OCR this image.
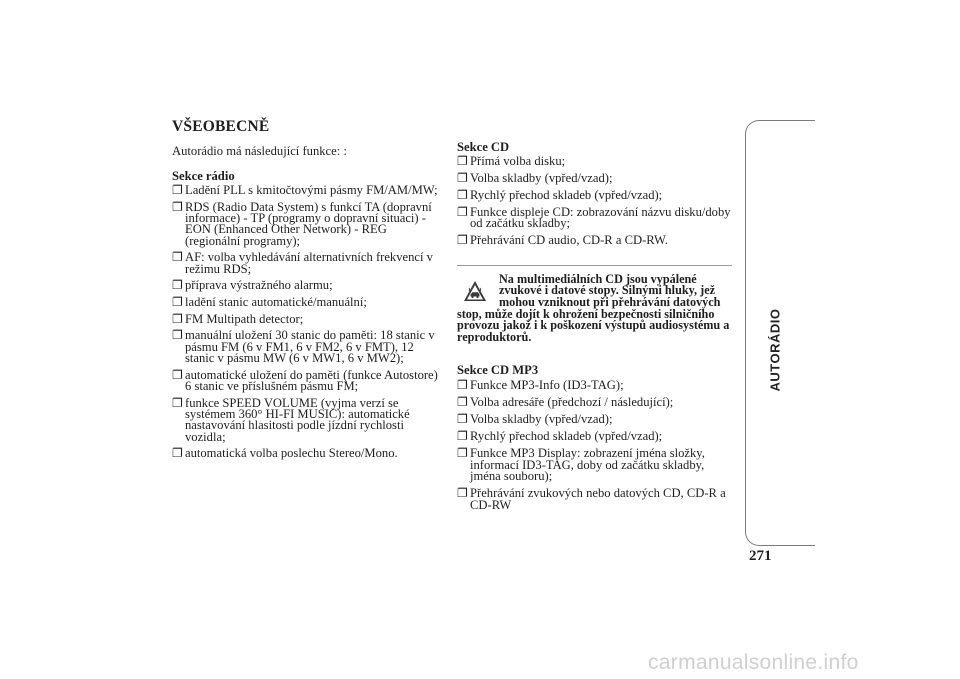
VŠEOBECNĚ

Autorádio má následující funkce: :

Sekce rádio
❐ Ladění PLL s kmitočtovými pásmy FM/AM/MW;
❐ RDS (Radio Data System) s funkcí TA (dopravní informace) - TP (programy o dopravní situaci) - EON (Enhanced Other Network) - REG (regionální programy);
❐ AF: volba vyhledávání alternativních frekvencí v režimu RDS;
❐ příprava výstražného alarmu;
❐ ladění stanic automatické/manuální;
❐ FM Multipath detector;
❐ manuální uložení 30 stanic do paměti: 18 stanic v pásmu FM (6 v FM1, 6 v FM2, 6 v FMT), 12 stanic v pásmu MW (6 v MW1, 6 v MW2);
❐ automatické uložení do paměti (funkce Autostore) 6 stanic ve příslušném pásmu FM;
❐ funkce SPEED VOLUME (vyjma verzí se systémem 360° HI-FI MUSIC): automatické nastavování hlasitosti podle jízdní rychlosti vozidla;
❐ automatická volba poslechu Stereo/Mono.
Sekce CD
❐ Přímá volba disku;
❐ Volba skladby (vpřed/vzad);
❐ Rychlý přechod skladeb (vpřed/vzad);
❐ Funkce displeje CD: zobrazování názvu disku/doby od začátku skladby;
❐ Přehrávání CD audio, CD-R a CD-RW.

Na multimediálních CD jsou vypálené zvukové i datové stopy. Silnými hluky, jež mohou vzniknout při přehrávání datových
stop, může dojít k ohrožení bezpečnosti silničního provozu jakož i k poškození výstupů audiosystému a reproduktorů.

Sekce CD MP3
❐ Funkce MP3-Info (ID3-TAG);
❐ Volba adresáře (předchozí / následující);
❐ Volba skladby (vpřed/vzad);
❐ Rychlý přechod skladeb (vpřed/vzad);
❐ Funkce MP3 Display: zobrazení jména složky, informací ID3-TAG, doby od začátku skladby, jména souboru);
❐ Přehrávání zvukových nebo datových CD, CD-R a CD-RW
AUTORÁDIO
271
carmanualsonline.info
